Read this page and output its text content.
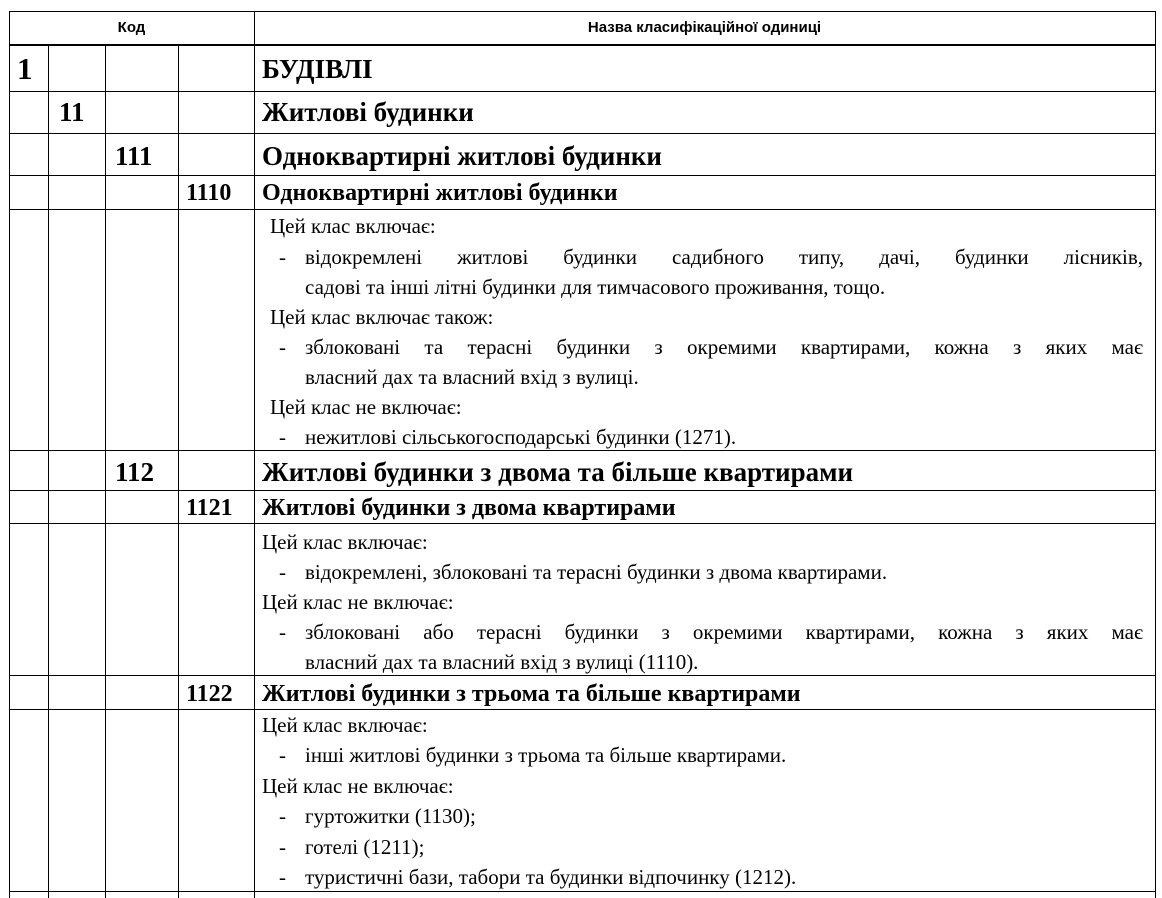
Код	Назва класифікаційної одиниці
1	БУДІВЛІ
11	Житлові будинки
111	Одноквартирні житлові будинки
1110 Одноквартирні житлові будинки
Цей клас включає:
- відокремлені житлові будинки садибного типу, дачі, будинки лісників,
садові та інші літні будинки для тимчасового проживання, тощо.
Цей клас включає також:
- зблоковані та терасні будинки з окремими квартирами, кожна з яких має
власний дах та власний вхід з вулиці.
Цей клас не включає:
- нежитлові сільськогосподарські будинки (1271).
112	Житлові будинки з двома та більше квартирами
1121 Житлові будинки з двома квартирами
Цей клас включає:
- відокремлені, зблоковані та терасні будинки з двома квартирами.
Цей клас не включає:
- зблоковані або терасні будинки з окремими квартирами, кожна з яких має
власний дах та власний вхід з вулиці (1110).
1122 Житлові будинки з трьома та більше квартирами
Цей клас включає:
- інші житлові будинки з трьома та більше квартирами.
Цей клас не включає:
- гуртожитки (1130);
- готелі (1211);
- туристичні бази, табори та будинки відпочинку (1212).
